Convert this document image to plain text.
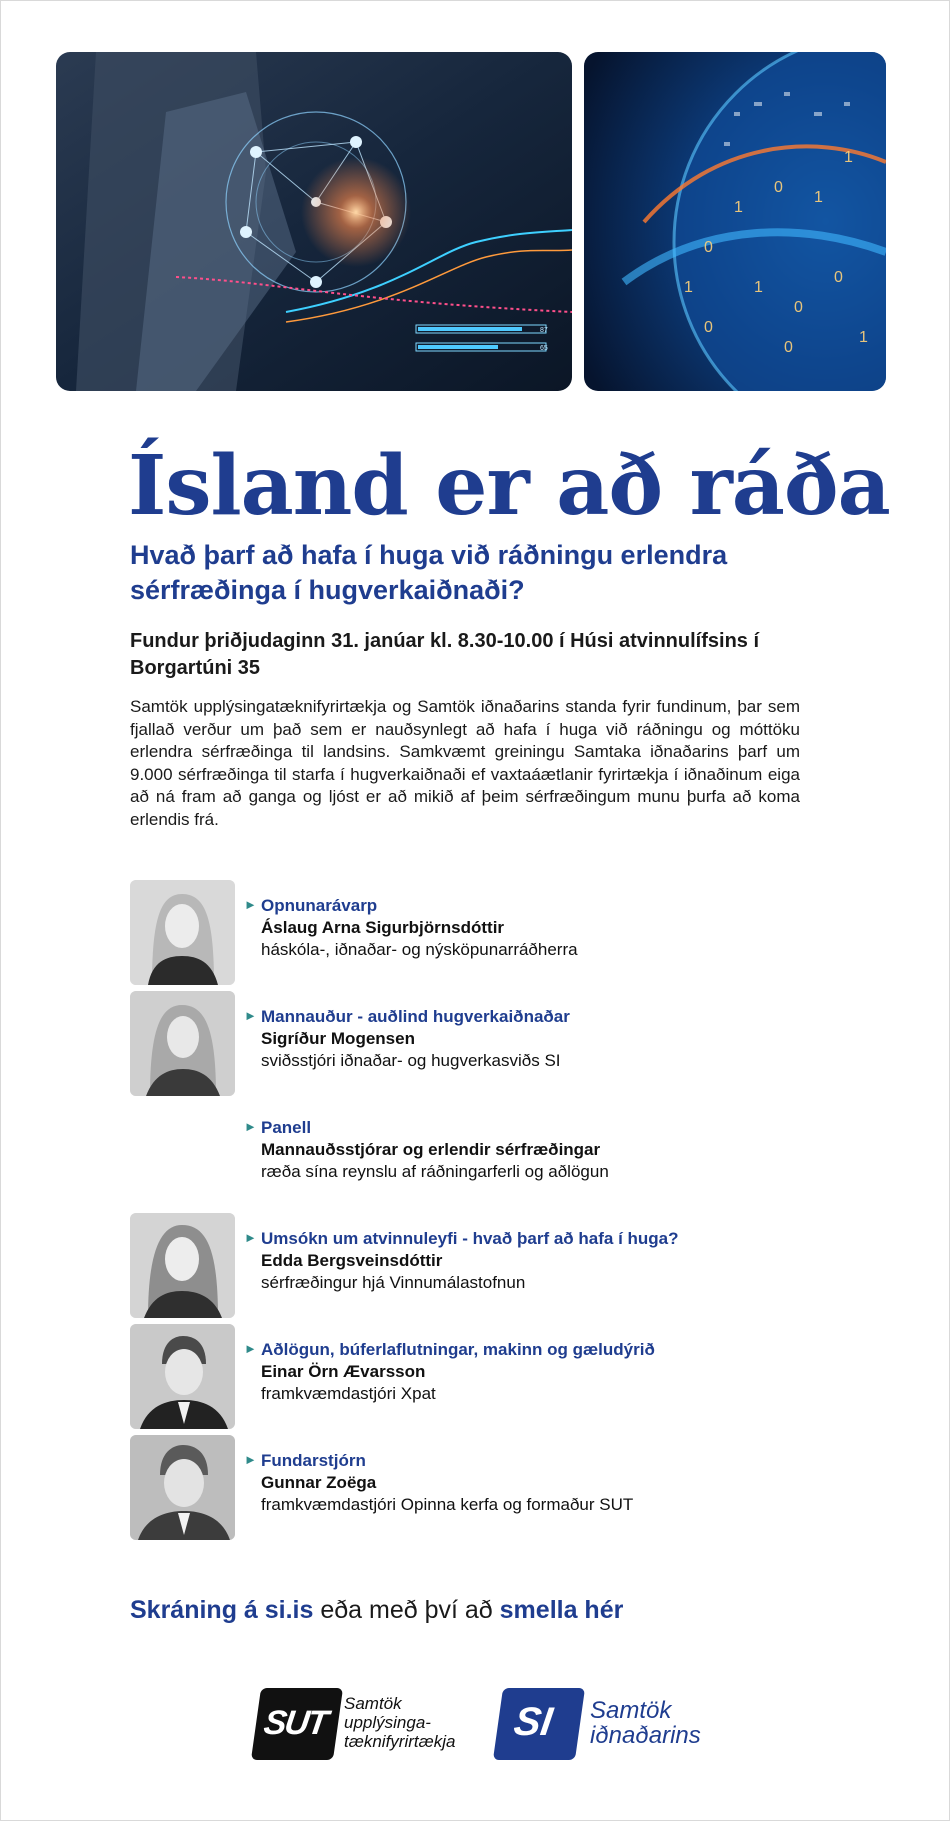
87
65
0
1
0
1
1
0
0
0
1
1
0
1
Ísland er að ráða
Hvað þarf að hafa í huga við ráðningu erlendra sérfræðinga í hugverkaiðnaði?

Fundur þriðjudaginn 31. janúar kl. 8.30-10.00 í Húsi atvinnulífsins í Borgartúni 35

Samtök upplýsingatæknifyrirtækja og Samtök iðnaðarins standa fyrir fundinum, þar sem fjallað verður um það sem er nauðsynlegt að hafa í huga við ráðningu og móttöku erlendra sérfræðinga til landsins. Samkvæmt greiningu Samtaka iðnaðarins þarf um 9.000 sérfræðinga til starfa í hugverkaiðnaði ef vaxtaáætlanir fyrirtækja í iðnaðinum eiga að ná fram að ganga og ljóst er að mikið af þeim sérfræðingum munu þurfa að koma erlendis frá.

► Opnunarávarp
Áslaug Arna Sigurbjörnsdóttir
háskóla-, iðnaðar- og nýsköpunarráðherra
► Mannauður - auðlind hugverkaiðnaðar
Sigríður Mogensen
sviðsstjóri iðnaðar- og hugverkasviðs SI
► Panell
Mannauðsstjórar og erlendir sérfræðingar
ræða sína reynslu af ráðningarferli og aðlögun
► Umsókn um atvinnuleyfi - hvað þarf að hafa í huga?
Edda Bergsveinsdóttir
sérfræðingur hjá Vinnumálastofnun
► Aðlögun, búferlaflutningar, makinn og gæludýrið
Einar Örn Ævarsson
framkvæmdastjóri Xpat
► Fundarstjórn
Gunnar Zoëga
framkvæmdastjóri Opinna kerfa og formaður SUT
Skráning á si.is eða með því að smella hér
SUT
Samtök
upplýsinga-
tæknifyrirtækja SI Samtök
iðnaðarins
